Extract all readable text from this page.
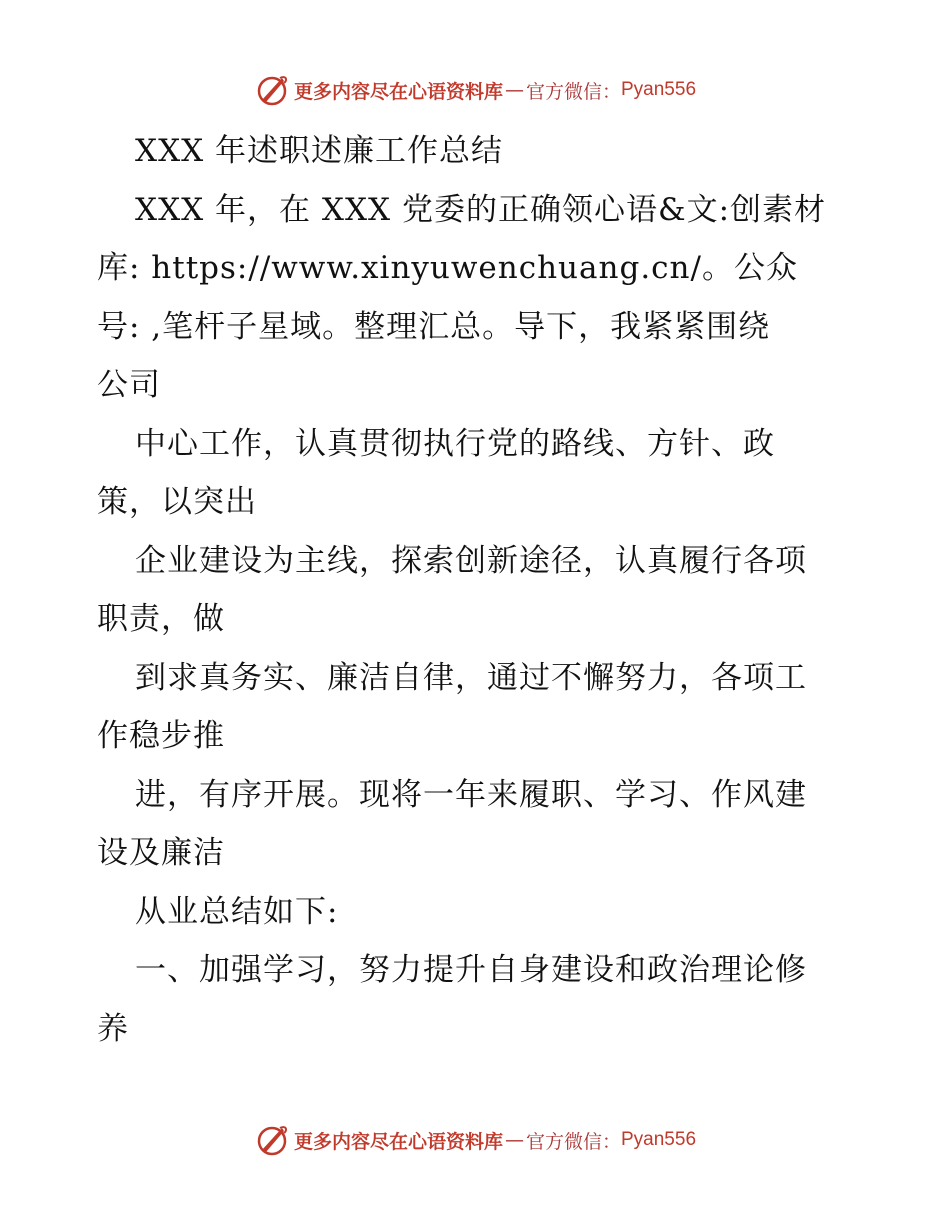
更多内容尽在心语资料库 — 官方微信： Pyan556
XXX 年述职述廉工作总结
XXX 年，在 XXX 党委的正确领心语&文:创素材
库: https://www.xinyuwenchuang.cn/。公众
号: ,笔杆子星域。整理汇总。导下，我紧紧围绕
公司
中心工作，认真贯彻执行党的路线、方针、政
策，以突出
企业建设为主线，探索创新途径，认真履行各项
职责，做
到求真务实、廉洁自律，通过不懈努力，各项工
作稳步推
进，有序开展。现将一年来履职、学习、作风建
设及廉洁
从业总结如下:
一、加强学习，努力提升自身建设和政治理论修
养
更多内容尽在心语资料库 — 官方微信： Pyan556
